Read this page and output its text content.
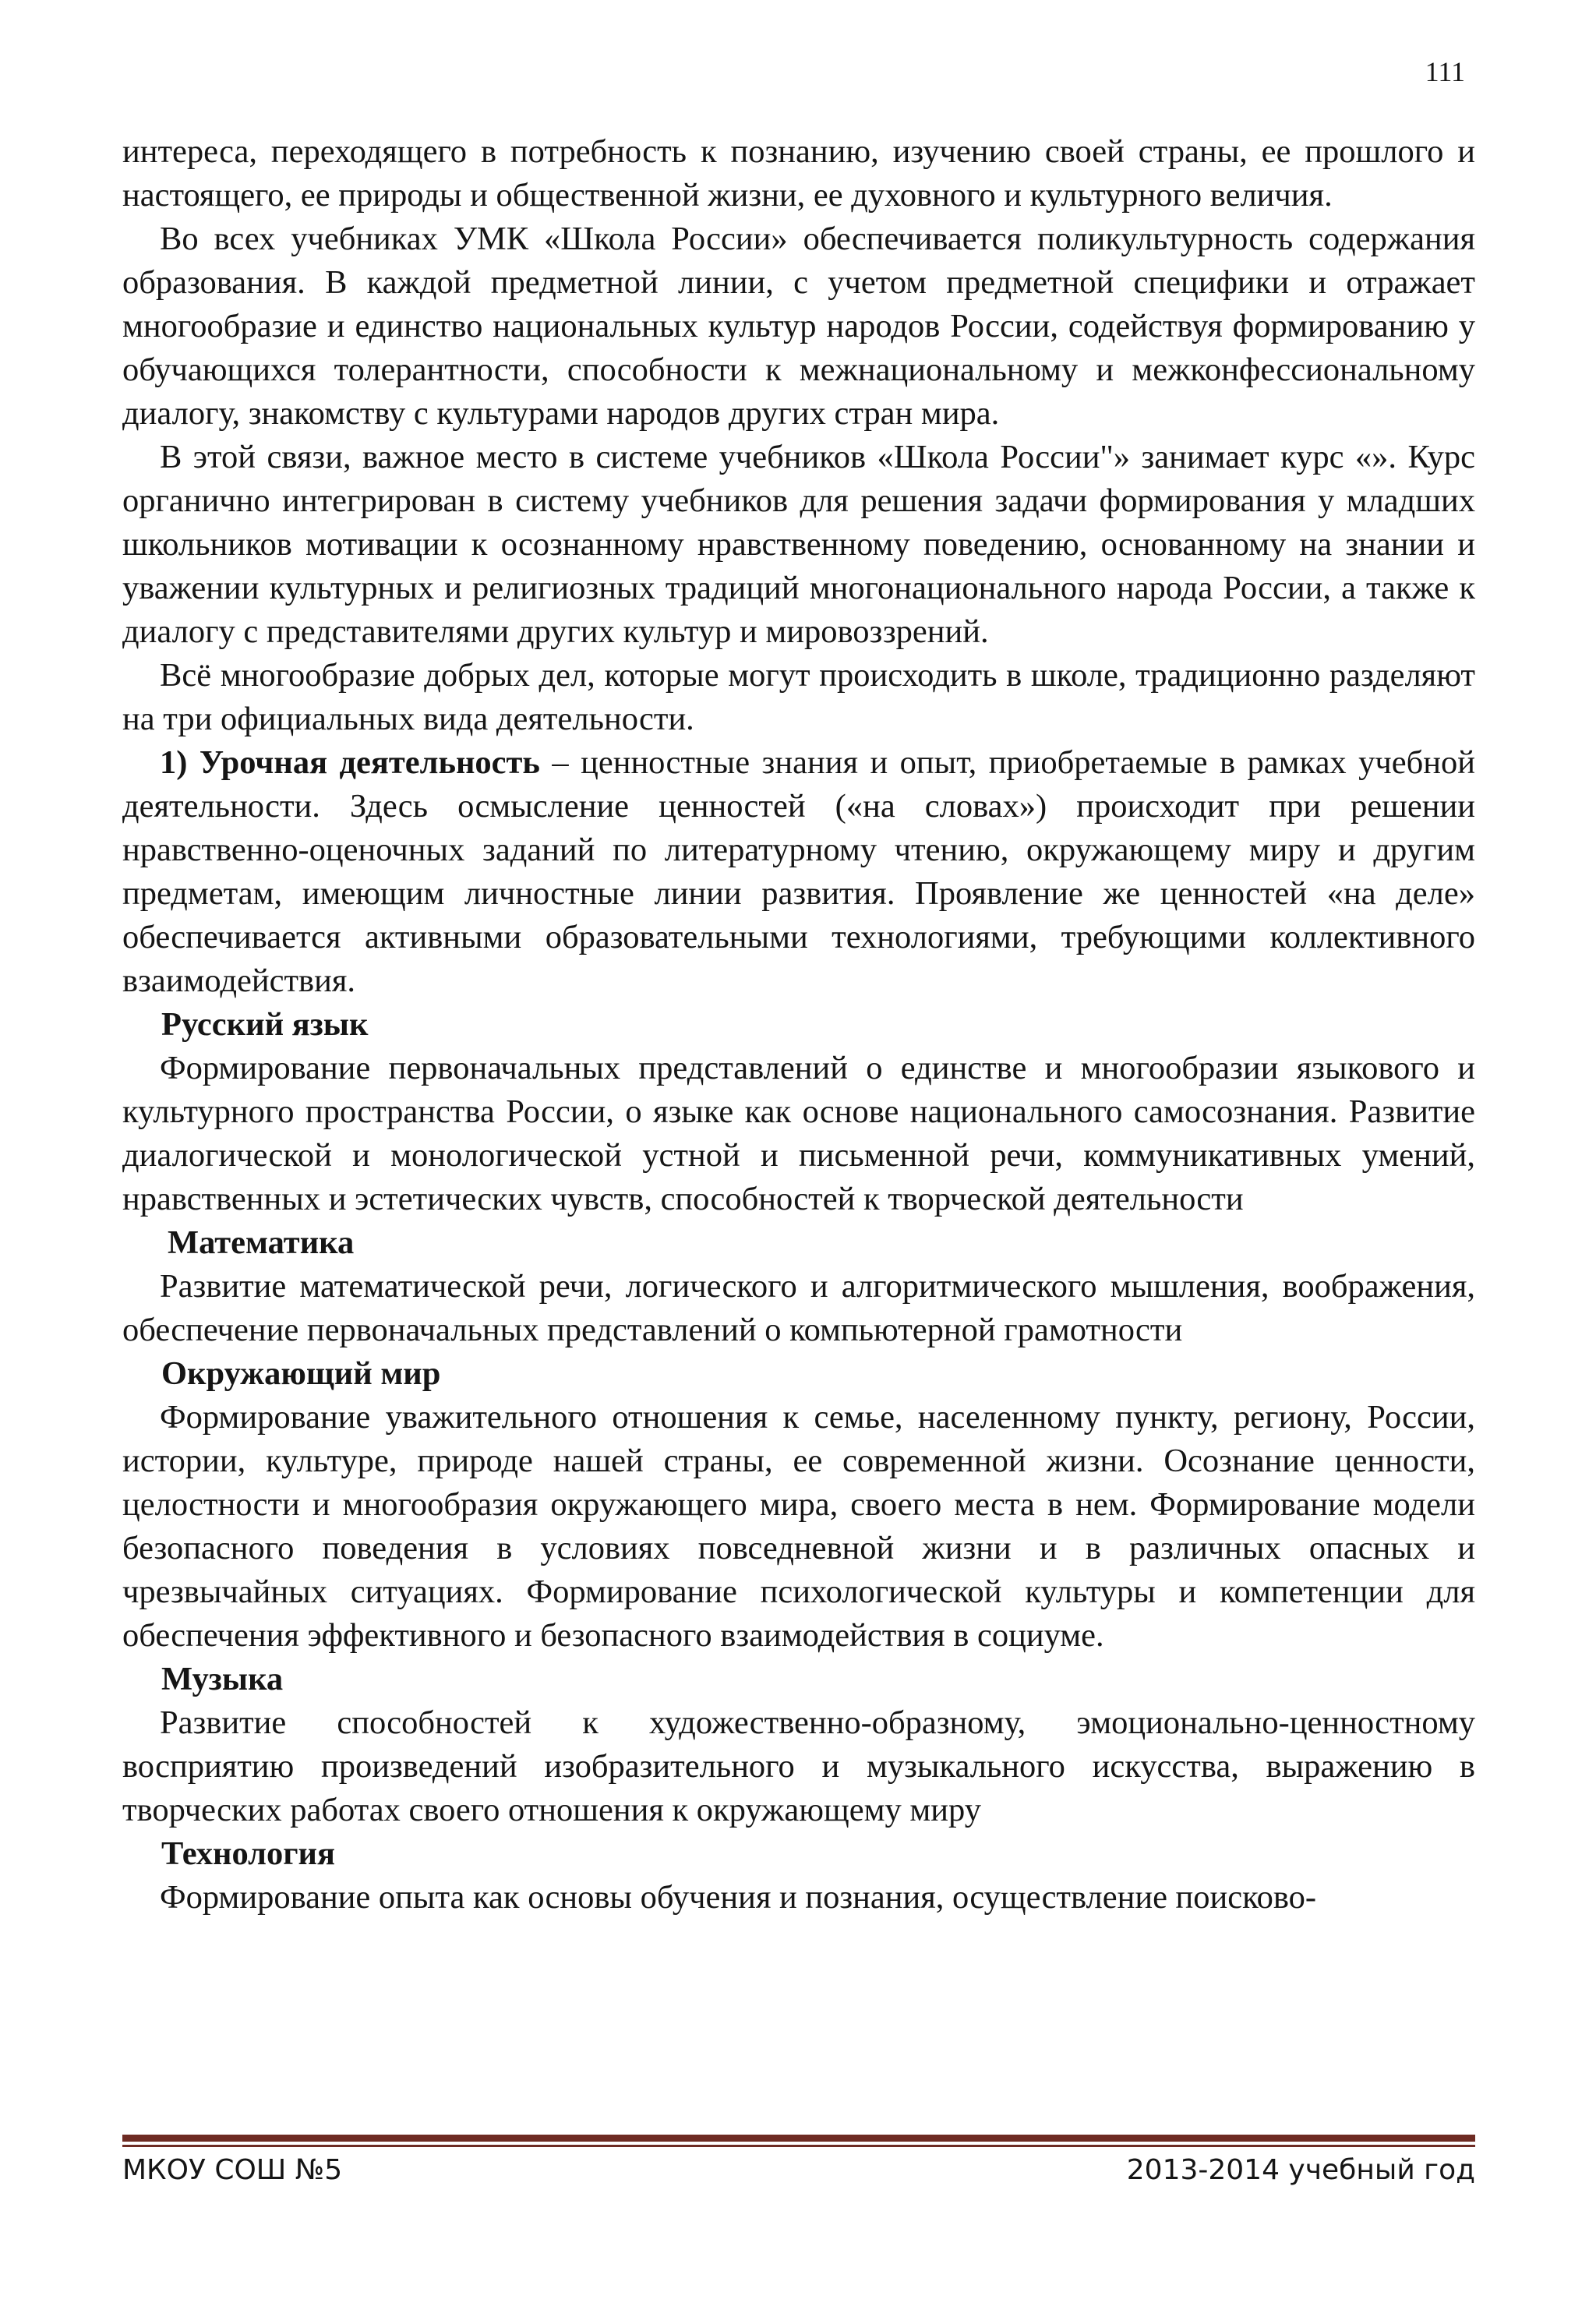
111

интереса, переходящего в потребность к познанию, изучению своей страны, ее прошлого и настоящего, ее природы и общественной жизни, ее духовного и культурного величия.

Во всех учебниках УМК «Школа России» обеспечивается поликультурность содержания образования. В каждой предметной линии, с учетом предметной специфики и отражает многообразие и единство национальных культур народов России, содействуя формированию у обучающихся толерантности, способности к межнациональному и межконфессиональному диалогу, знакомству с культурами народов других стран мира.

В этой связи, важное место в системе учебников «Школа России"» занимает курс «». Курс органично интегрирован в систему учебников для решения задачи формирования у младших школьников мотивации к осознанному нравственному поведению, основанному на знании и уважении культурных и религиозных традиций многонационального народа России, а также к диалогу с представителями других культур и мировоззрений.

Всё многообразие добрых дел, которые могут происходить в школе, традиционно разделяют на три официальных вида деятельности.

1) Урочная деятельность – ценностные знания и опыт, приобретаемые в рамках учебной деятельности. Здесь осмысление ценностей («на словах») происходит при решении нравственно-оценочных заданий по литературному чтению, окружающему миру и другим предметам, имеющим личностные линии развития. Проявление же ценностей «на деле» обеспечивается активными образовательными технологиями, требующими коллективного взаимодействия.

Русский язык

Формирование первоначальных представлений о единстве и многообразии языкового и культурного пространства России, о языке как основе национального самосознания. Развитие диалогической и монологической устной и письменной речи, коммуникативных умений, нравственных и эстетических чувств, способностей к творческой деятельности

Математика

Развитие математической речи, логического и алгоритмического мышления, воображения, обеспечение первоначальных представлений о компьютерной грамотности

Окружающий мир

Формирование уважительного отношения к семье, населенному пункту, региону, России, истории, культуре, природе нашей страны, ее современной жизни. Осознание ценности, целостности и многообразия окружающего мира, своего места в нем. Формирование модели безопасного поведения в условиях повседневной жизни и в различных опасных и чрезвычайных ситуациях. Формирование психологической культуры и компетенции для обеспечения эффективного и безопасного взаимодействия в социуме.

Музыка

Развитие способностей к художественно-образному, эмоционально-ценностному восприятию произведений изобразительного и музыкального искусства, выражению в творческих работах своего отношения к окружающему миру

Технология

Формирование опыта как основы обучения и познания, осуществление поисково-

МКОУ СОШ №5	2013-2014 учебный год
